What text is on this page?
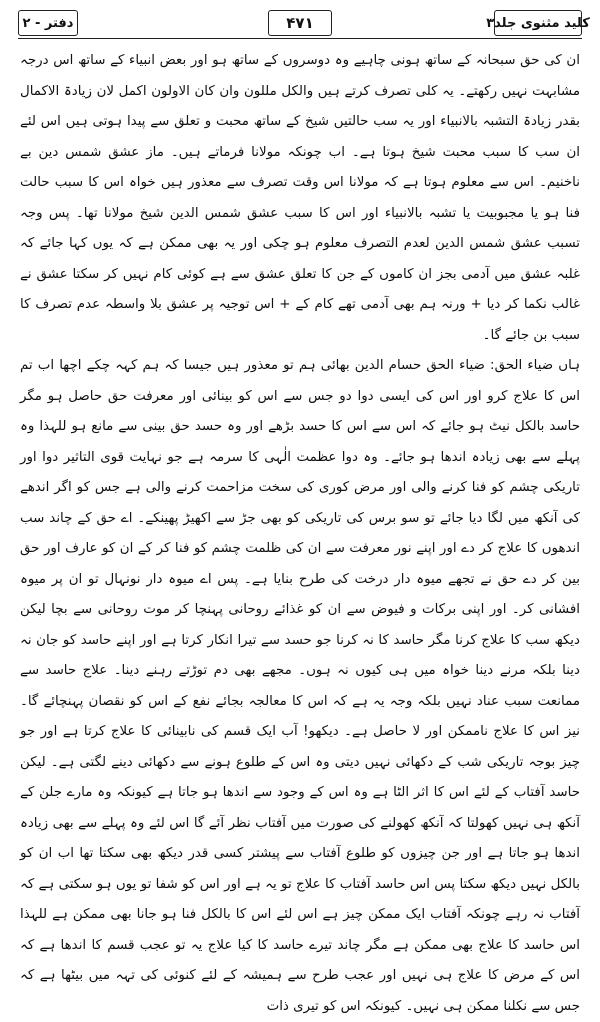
کلید مثنوی جلد۳
۴۷۱
دفتر - ۲

ان کی حق سبحانہ کے ساتھ ہونی چاہیے وہ دوسروں کے ساتھ ہو اور بعض انبیاء کے ساتھ اس درجہ مشابہت نہیں رکھتے۔ یہ کلی تصرف کرتے ہیں والکل مللون وان کان الاولون اکمل لان زیادۃ الاکمال بقدر زیادۃ التشبہ بالانبیاء اور یہ سب حالتیں شیخ کے ساتھ محبت و تعلق سے پیدا ہوتی ہیں اس لئے ان سب کا سبب محبت شیخ ہوتا ہے۔ اب چونکہ مولانا فرماتے ہیں۔ ماز عشق شمس دین بے ناخنیم۔ اس سے معلوم ہوتا ہے کہ مولانا اس وقت تصرف سے معذور ہیں خواہ اس کا سبب حالت فنا ہو یا مجبوبیت یا تشبہ بالانبیاء اور اس کا سبب عشق شمس الدین شیخ مولانا تھا۔ پس وجہ تسبب عشق شمس الدین لعدم التصرف معلوم ہو چکی اور یہ بھی ممکن ہے کہ یوں کہا جائے کہ غلبہ عشق میں آدمی بجز ان کاموں کے جن کا تعلق عشق سے ہے کوئی کام نہیں کر سکتا عشق نے غالب نکما کر دیا + ورنہ ہم بھی آدمی تھے کام کے + اس توجیہ پر عشق بلا واسطہ عدم تصرف کا سبب بن جائے گا۔

ہاں ضیاء الحق: ضیاء الحق حسام الدین بھائی ہم تو معذور ہیں جیسا کہ ہم کہہ چکے اچھا اب تم اس کا علاج کرو اور اس کی ایسی دوا دو جس سے اس کو بینائی اور معرفت حق حاصل ہو مگر حاسد بالکل نیٹ ہو جائے کہ اس سے اس کا حسد بڑھے اور وہ حسد حق بینی سے مانع ہو للہذا وہ پہلے سے بھی زیادہ اندھا ہو جائے۔ وہ دوا عظمت الٰہی کا سرمہ ہے جو نہایت قوی التاثیر دوا اور تاریکی چشم کو فنا کرنے والی اور مرض کوری کی سخت مزاحمت کرنے والی ہے جس کو اگر اندھے کی آنکھ میں لگا دیا جائے تو سو برس کی تاریکی کو بھی جڑ سے اکھیڑ پھینکے۔ اے حق کے چاند سب اندھوں کا علاج کر دے اور اپنے نور معرفت سے ان کی ظلمت چشم کو فنا کر کے ان کو عارف اور حق بین کر دے حق نے تجھے میوہ دار درخت کی طرح بنایا ہے۔ پس اے میوہ دار نونہال تو ان پر میوہ افشانی کر۔ اور اپنی برکات و فیوض سے ان کو غذائے روحانی پہنچا کر موت روحانی سے بچا لیکن دیکھ سب کا علاج کرنا مگر حاسد کا نہ کرنا جو حسد سے تیرا انکار کرتا ہے اور اپنے حاسد کو جان نہ دینا بلکہ مرنے دینا خواہ میں ہی کیوں نہ ہوں۔ مجھے بھی دم توڑتے رہنے دینا۔ علاج حاسد سے ممانعت سبب عناد نہیں بلکہ وجہ یہ ہے کہ اس کا معالجہ بجائے نفع کے اس کو نقصان پہنچائے گا۔ نیز اس کا علاج ناممکن اور لا حاصل ہے۔ دیکھو! آب ایک قسم کی نابینائی کا علاج کرتا ہے اور جو چیز بوجہ تاریکی شب کے دکھائی نہیں دیتی وہ اس کے طلوع ہونے سے دکھائی دینے لگتی ہے۔ لیکن حاسد آفتاب کے لئے اس کا اثر الٹا ہے وہ اس کے وجود سے اندھا ہو جاتا ہے کیونکہ وہ مارے جلن کے آنکھ ہی نہیں کھولتا کہ آنکھ کھولنے کی صورت میں آفتاب نظر آئے گا اس لئے وہ پہلے سے بھی زیادہ اندھا ہو جاتا ہے اور جن چیزوں کو طلوع آفتاب سے پیشتر کسی قدر دیکھ بھی سکتا تھا اب ان کو بالکل نہیں دیکھ سکتا پس اس حاسد آفتاب کا علاج تو یہ ہے اور اس کو شفا تو یوں ہو سکتی ہے کہ آفتاب نہ رہے چونکہ آفتاب ایک ممکن چیز ہے اس لئے اس کا بالکل فنا ہو جانا بھی ممکن ہے للہذا اس حاسد کا علاج بھی ممکن ہے مگر چاند تیرے حاسد کا کیا علاج یہ تو عجب قسم کا اندھا ہے کہ اس کے مرض کا علاج ہی نہیں اور عجب طرح سے ہمیشہ کے لئے کنوئی کی تہہ میں بیٹھا ہے کہ جس سے نکلنا ممکن ہی نہیں۔ کیونکہ اس کو تیری ذات
